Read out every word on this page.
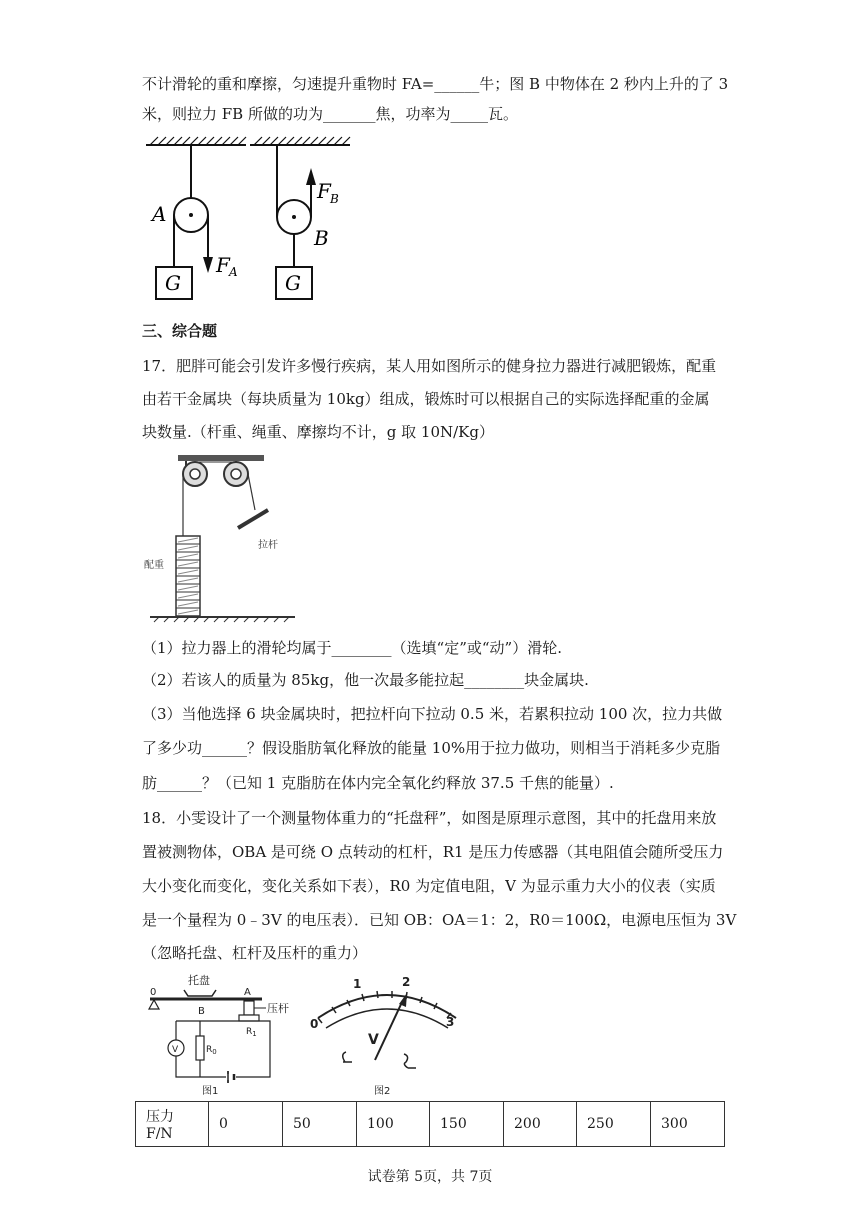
不计滑轮的重和摩擦，匀速提升重物时 FA=______牛；图 B 中物体在 2 秒内上升的了 3
米，则拉力 FB 所做的功为_______焦，功率为_____瓦。
A
G
F A
F B
B
G
三、综合题
17．肥胖可能会引发许多慢行疾病，某人用如图所示的健身拉力器进行减肥锻炼，配重
由若干金属块（每块质量为 10kg）组成，锻炼时可以根据自己的实际选择配重的金属
块数量.（杆重、绳重、摩擦均不计，g 取 10N/Kg）
拉杆
配重
（1）拉力器上的滑轮均属于________（选填“定”或“动”）滑轮.
（2）若该人的质量为 85kg，他一次最多能拉起________块金属块.
（3）当他选择 6 块金属块时，把拉杆向下拉动 0.5 米，若累积拉动 100 次，拉力共做
了多少功______？假设脂肪氧化释放的能量 10%用于拉力做功，则相当于消耗多少克脂
肪______？（已知 1 克脂肪在体内完全氧化约释放 37.5 千焦的能量）.
18．小雯设计了一个测量物体重力的“托盘秤”，如图是原理示意图，其中的托盘用来放
置被测物体，OBA 是可绕 O 点转动的杠杆，R1 是压力传感器（其电阻值会随所受压力
大小变化而变化，变化关系如下表），R0 为定值电阻，V 为显示重力大小的仪表（实质
是一个量程为 0﹣3V 的电压表）．已知 OB：OA＝1：2，R0＝100Ω，电源电压恒为 3V
（忽略托盘、杠杆及压杆的重力）
托盘
0	A
B	压杆
$R_1$
$R_0$
V
图1
0
1	2
3
V
图2
压力 F/N	0	50	100	150	200	250	300
试卷第 5页，共 7页
